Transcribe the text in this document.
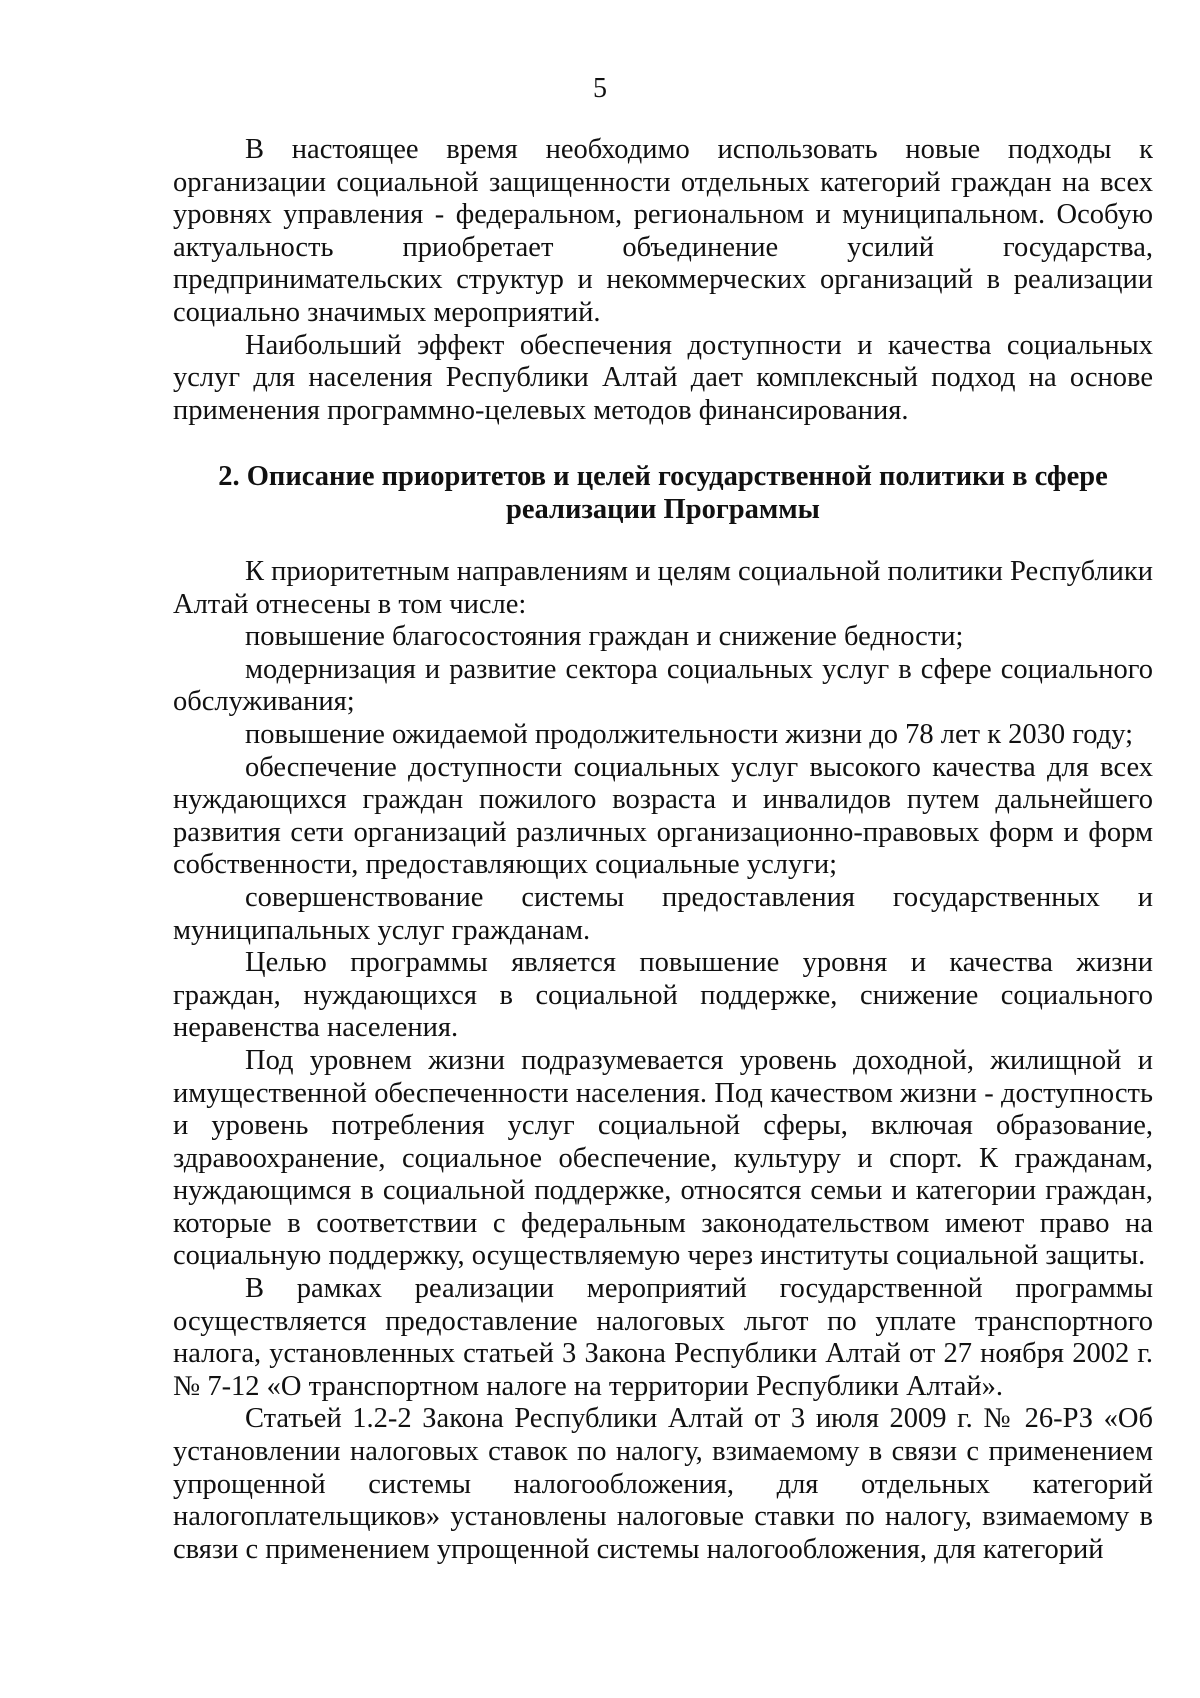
5

В настоящее время необходимо использовать новые подходы к организации социальной защищенности отдельных категорий граждан на всех уровнях управления - федеральном, региональном и муниципальном. Особую актуальность приобретает объединение усилий государства, предпринимательских структур и некоммерческих организаций в реализации социально значимых мероприятий.

Наибольший эффект обеспечения доступности и качества социальных услуг для населения Республики Алтай дает комплексный подход на основе применения программно-целевых методов финансирования.

2. Описание приоритетов и целей государственной политики в сфере реализации Программы

К приоритетным направлениям и целям социальной политики Республики Алтай отнесены в том числе:

повышение благосостояния граждан и снижение бедности;

модернизация и развитие сектора социальных услуг в сфере социального обслуживания;

повышение ожидаемой продолжительности жизни до 78 лет к 2030 году;

обеспечение доступности социальных услуг высокого качества для всех нуждающихся граждан пожилого возраста и инвалидов путем дальнейшего развития сети организаций различных организационно-правовых форм и форм собственности, предоставляющих социальные услуги;

совершенствование системы предоставления государственных и муниципальных услуг гражданам.

Целью программы является повышение уровня и качества жизни граждан, нуждающихся в социальной поддержке, снижение социального неравенства населения.

Под уровнем жизни подразумевается уровень доходной, жилищной и имущественной обеспеченности населения. Под качеством жизни - доступность и уровень потребления услуг социальной сферы, включая образование, здравоохранение, социальное обеспечение, культуру и спорт. К гражданам, нуждающимся в социальной поддержке, относятся семьи и категории граждан, которые в соответствии с федеральным законодательством имеют право на социальную поддержку, осуществляемую через институты социальной защиты.

В рамках реализации мероприятий государственной программы осуществляется предоставление налоговых льгот по уплате транспортного налога, установленных статьей 3 Закона Республики Алтай от 27 ноября 2002 г. № 7-12 «О транспортном налоге на территории Республики Алтай».

Статьей 1.2-2 Закона Республики Алтай от 3 июля 2009 г. № 26-РЗ «Об установлении налоговых ставок по налогу, взимаемому в связи с применением упрощенной системы налогообложения, для отдельных категорий налогоплательщиков» установлены налоговые ставки по налогу, взимаемому в связи с применением упрощенной системы налогообложения, для категорий
